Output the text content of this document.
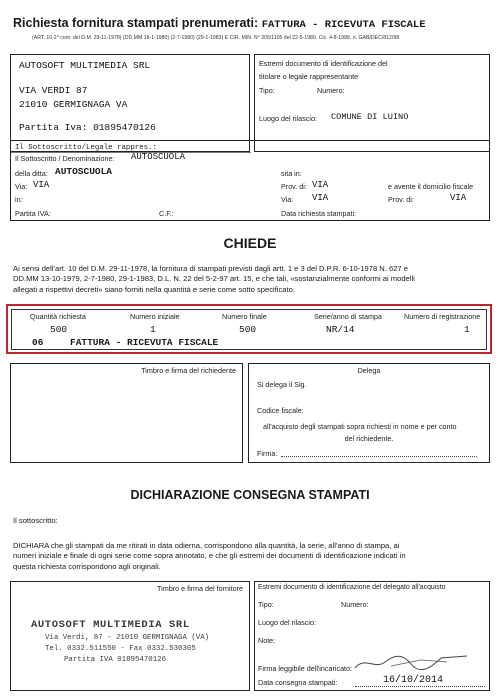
Richiesta fornitura stampati prenumerati: FATTURA - RICEVUTA FISCALE
(ART. 10-2° com. del D.M. 29-11-1978) (DD.MM 18-1-1980) (2-7-1980) (29-1-1983) E CIR. MIN. N° 305/1105 del 22-5-1980. Cic. 4-8-1988, n. GAB/DEC/812/98
AUTOSOFT MULTIMEDIA SRL
VIA VERDI 87
21010 GERMIGNAGA VA
Partita Iva: 01895470126
Estremi documento di identificazione del
titolare o legale rappresentante
Tipo:	Numero:
Luogo del rilascio: COMUNE DI LUINO
Il Sottoscritto/Legale rappres.:
Il Sottoscritto / Denominazione: AUTOSCUOLA
della ditta: AUTOSCUOLA	sita in:
Via: VIA	Prov. di: VIA	e avente il domicilio fiscale
in:	Via: VIA	Prov. di:	VIA
Partita IVA:	C.F.:	Data richiesta stampati:
CHIEDE
Ai sensi dell'art. 10 del D.M. 29-11-1978, la fornitura di stampati previsti dagli artt. 1 e 3 del D.P.R. 6-10-1978 N. 627 e
DD.MM 13-10-1979, 2-7-1980, 29-1-1983, D.L. N. 22 del 5-2-97 art. 15, e che tali, «sostanzialmente conformi ai modelli
allegati a rispettivi decreti» siano forniti nella quantità e serie come sotto specificato.
Quantità richiesta	Numero iniziale	Numero finale	Serie/anno di stampa	Numero di registrazione
500	1	500	NR/14	1
06	FATTURA - RICEVUTA FISCALE
Timbro e firma del richiedente	Delega
Si delega il Sig.
Codice fiscale:
all'acquisto degli stampati sopra richiesti in nome e per conto
del richiedente.
Firma:
DICHIARAZIONE CONSEGNA STAMPATI
Il sottoscritto:
DICHIARA che gli stampati da me ritirati in data odierna, corrispondono alla quantità, la serie, all'anno di stampa, ai
numeri iniziale e finale di ogni serie come sopra annotato, e che gli estremi dei documenti di identificazione indicati in
questa richiesta corrispondono agli originali.
Timbro e firma del fornitore
AUTOSOFT MULTIMEDIA SRL
Via Verdi, 87 - 21010 GERMIGNAGA (VA)
Tel. 0332.511550 - Fax 0332.530305
Partita IVA 01895470126
Estremi documento di identificazione del delegato all'acquisto
Tipo:	Numero:
Luogo del rilascio:
Note:
Firma leggibile dell'incaricato:
Data consegna stampati:	16/10/2014
